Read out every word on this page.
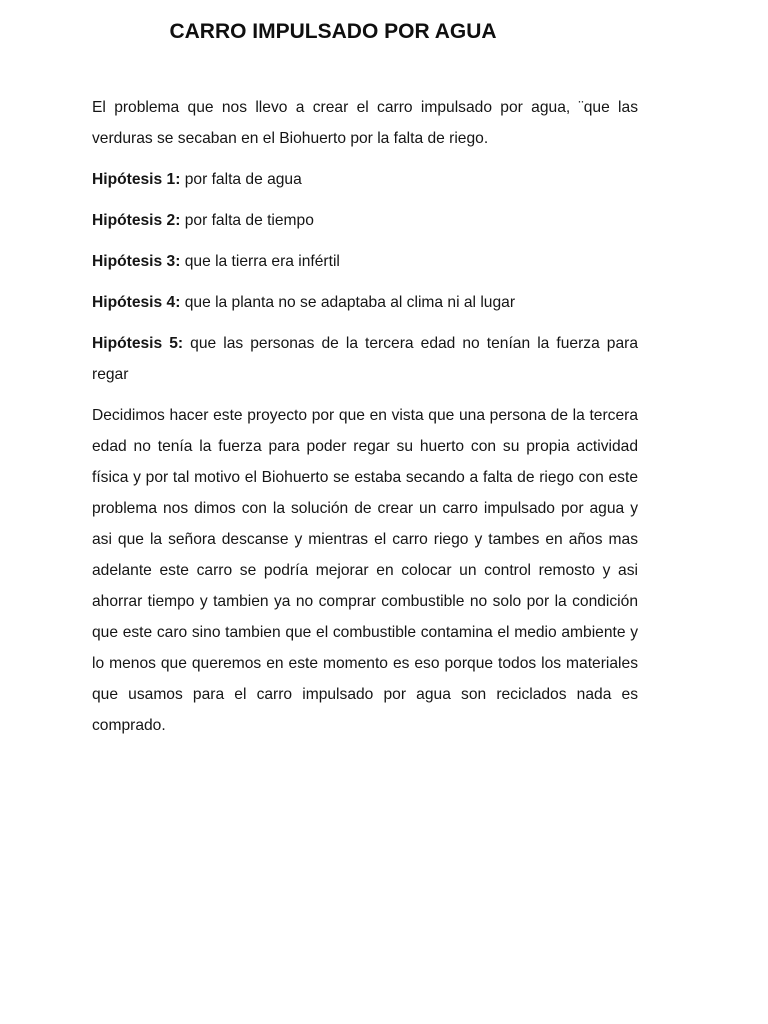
CARRO IMPULSADO POR AGUA

El problema que nos llevo a crear el carro impulsado por agua, ¨que las verduras se secaban en el Biohuerto por la falta de riego.

Hipótesis 1: por falta de agua

Hipótesis 2: por falta de tiempo

Hipótesis 3: que la tierra era infértil

Hipótesis 4: que la planta no se adaptaba al clima ni al lugar

Hipótesis 5: que las personas de la tercera edad no tenían la fuerza para regar

Decidimos hacer este proyecto por que en vista que una persona de la tercera edad no tenía la fuerza para poder regar su huerto con su propia actividad física y por tal motivo el Biohuerto se estaba secando a falta de riego con este problema nos dimos con la solución de crear un carro impulsado por agua y asi que la señora descanse y mientras el carro riego y tambes en años mas adelante este carro se podría mejorar en colocar un control remosto y asi ahorrar tiempo y tambien ya no comprar combustible no solo por la condición que este caro sino tambien que el combustible contamina el medio ambiente y lo menos que queremos en este momento es eso porque todos los materiales que usamos para el carro impulsado por agua son reciclados nada es comprado.
